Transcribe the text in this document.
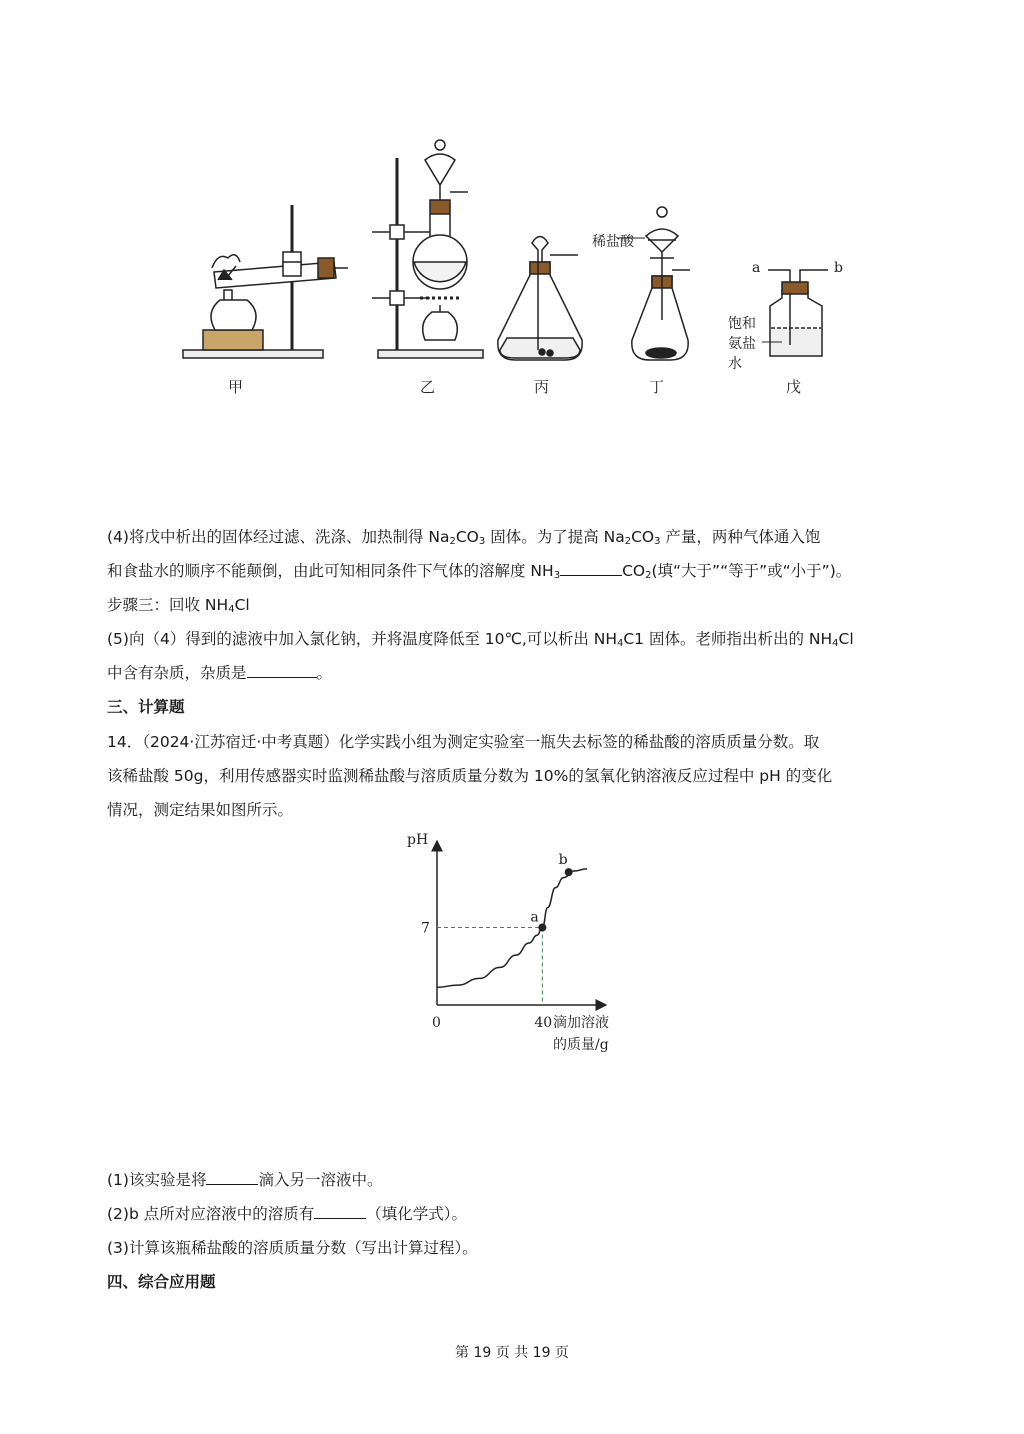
甲	乙	丙	丁	戊
稀盐酸
a	b
饱和
氨盐
水
(4)将戊中析出的固体经过滤、洗涤、加热制得 $Na_2CO_3$ 固体。为了提高 $Na_2CO_3$ 产量，两种气体通入饱
和食盐水的顺序不能颠倒，由此可知相同条件下气体的溶解度 $NH_3$	$CO_2$(填“大于”“等于”或“小于”)。
步骤三：回收 $NH_4Cl$
(5)向（4）得到的滤液中加入氯化钠，并将温度降低至 10℃,可以析出 $NH_4C1$ 固体。老师指出析出的 $NH_4Cl$
中含有杂质，杂质是	。
三、计算题
14．（2024·江苏宿迁·中考真题）化学实践小组为测定实验室一瓶失去标签的稀盐酸的溶质质量分数。取
该稀盐酸 50g，利用传感器实时监测稀盐酸与溶质质量分数为 10%的氢氧化钠溶液反应过程中 pH 的变化
情况，测定结果如图所示。
a
b
pH
7
0	40 滴加溶液
的质量/g
(1)该实验是将	滴入另一溶液中。
(2)b 点所对应溶液中的溶质有	（填化学式）。
(3)计算该瓶稀盐酸的溶质质量分数（写出计算过程）。
四、综合应用题
第 19 页 共 19 页
